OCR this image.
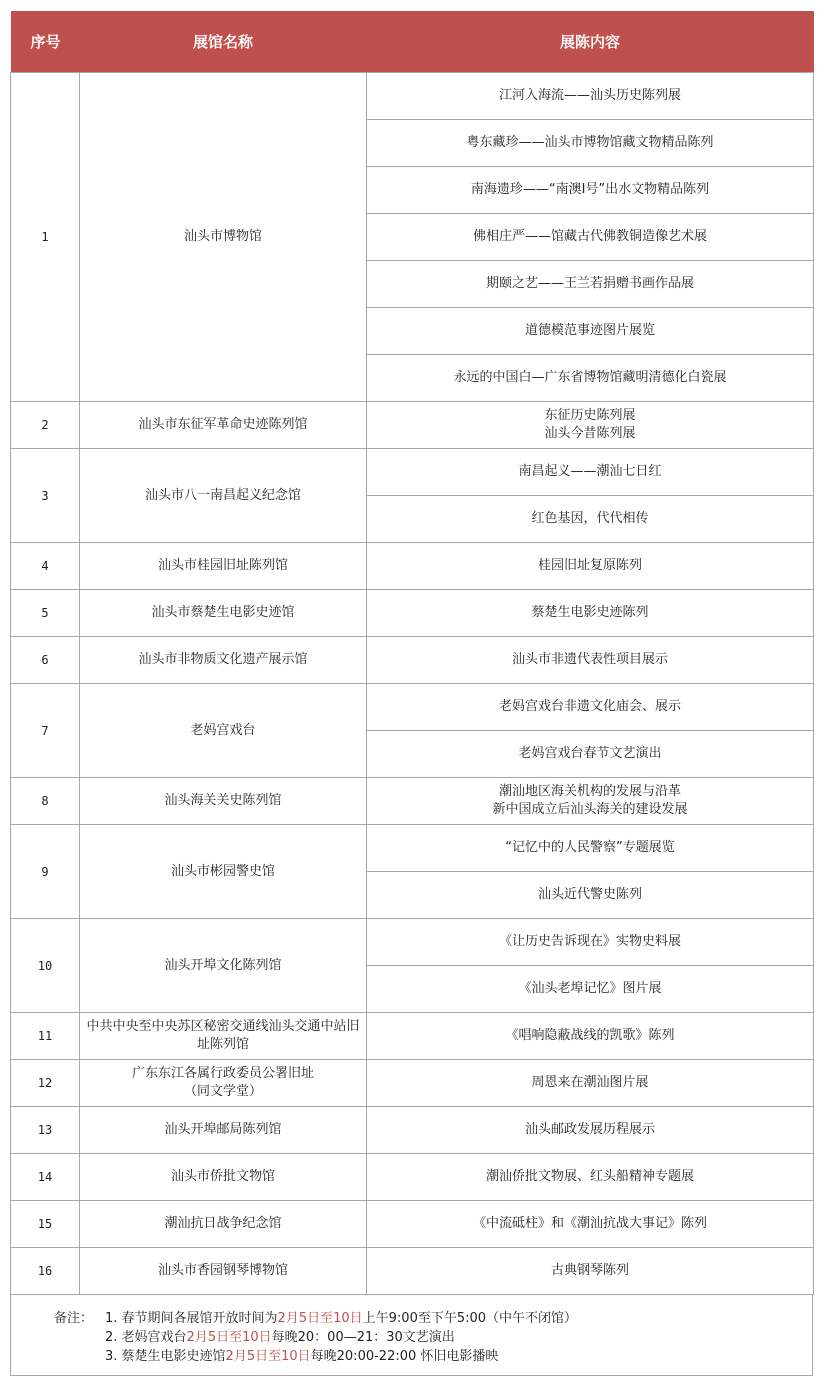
序号	展馆名称	展陈内容
1	汕头市博物馆	江河入海流——汕头历史陈列展

		粤东藏珍——汕头市博物馆藏文物精品陈列

		南海遗珍——“南澳I号”出水文物精品陈列

		佛相庄严——馆藏古代佛教铜造像艺术展

		期颐之艺——王兰若捐赠书画作品展

		道德模范事迹图片展览

		永远的中国白—广东省博物馆藏明清德化白瓷展

2	汕头市东征军革命史迹陈列馆	东征历史陈列展
汕头今昔陈列展

3	汕头市八一南昌起义纪念馆	南昌起义——潮汕七日红

		红色基因，代代相传

4	汕头市桂园旧址陈列馆	桂园旧址复原陈列

5	汕头市蔡楚生电影史迹馆	蔡楚生电影史迹陈列

6	汕头市非物质文化遗产展示馆	汕头市非遗代表性项目展示

7	老妈宫戏台	老妈宫戏台非遗文化庙会、展示

		老妈宫戏台春节文艺演出

8	汕头海关关史陈列馆	潮汕地区海关机构的发展与沿革
新中国成立后汕头海关的建设发展

9	汕头市彬园警史馆	“记忆中的人民警察”专题展览

		汕头近代警史陈列

10	汕头开埠文化陈列馆	《让历史告诉现在》实物史料展

		《汕头老埠记忆》图片展

11	中共中央至中央苏区秘密交通线汕头交通中站旧址陈列馆	《唱响隐蔽战线的凯歌》陈列

12	广东东江各属行政委员公署旧址
（同文学堂）	周恩来在潮汕图片展

13	汕头开埠邮局陈列馆	汕头邮政发展历程展示

14	汕头市侨批文物馆	潮汕侨批文物展、红头船精神专题展

15	潮汕抗日战争纪念馆	《中流砥柱》和《潮汕抗战大事记》陈列

16	汕头市香园钢琴博物馆	古典钢琴陈列
备注： 1. 春节期间各展馆开放时间为2月5日至10日上午9:00至下午5:00（中午不闭馆）
2. 老妈宫戏台2月5日至10日每晚20：00—21：30文艺演出
3. 蔡楚生电影史迹馆2月5日至10日每晚20:00-22:00 怀旧电影播映
